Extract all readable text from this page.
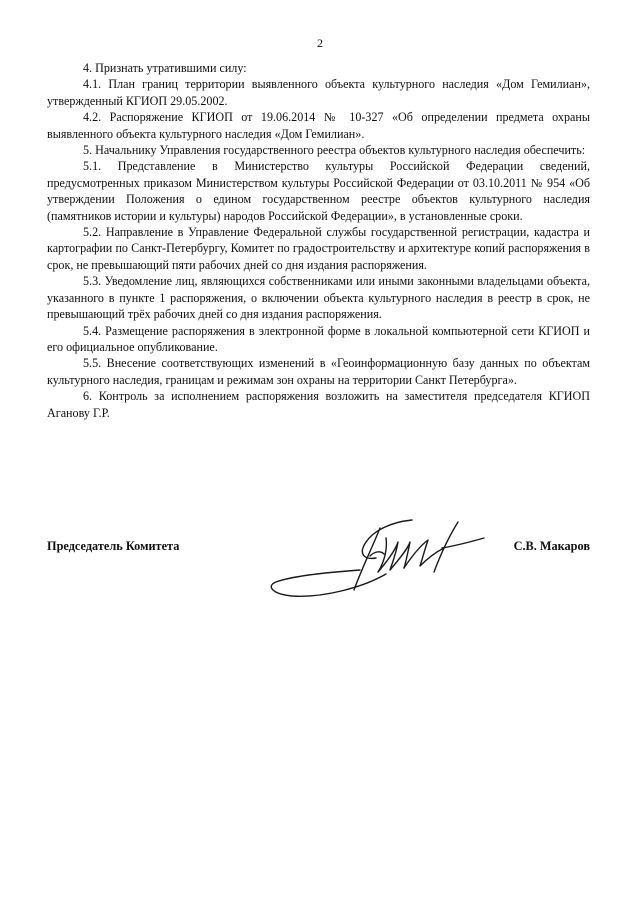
2

4. Признать утратившими силу:

4.1. План границ территории выявленного объекта культурного наследия «Дом Гемилиан», утвержденный КГИОП 29.05.2002.

4.2. Распоряжение КГИОП от 19.06.2014 № 10-327 «Об определении предмета охраны выявленного объекта культурного наследия «Дом Гемилиан».

5. Начальнику Управления государственного реестра объектов культурного наследия обеспечить:

5.1. Представление в Министерство культуры Российской Федерации сведений, предусмотренных приказом Министерством культуры Российской Федерации от 03.10.2011 № 954 «Об утверждении Положения о едином государственном реестре объектов культурного наследия (памятников истории и культуры) народов Российской Федерации», в установленные сроки.

5.2. Направление в Управление Федеральной службы государственной регистрации, кадастра и картографии по Санкт-Петербургу, Комитет по градостроительству и архитектуре копий распоряжения в срок, не превышающий пяти рабочих дней со дня издания распоряжения.

5.3. Уведомление лиц, являющихся собственниками или иными законными владельцами объекта, указанного в пункте 1 распоряжения, о включении объекта культурного наследия в реестр в срок, не превышающий трёх рабочих дней со дня издания распоряжения.

5.4. Размещение распоряжения в электронной форме в локальной компьютерной сети КГИОП и его официальное опубликование.

5.5. Внесение соответствующих изменений в «Геоинформационную базу данных по объектам культурного наследия, границам и режимам зон охраны на территории Санкт Петербурга».

6. Контроль за исполнением распоряжения возложить на заместителя председателя КГИОП Аганову Г.Р.

Председатель Комитета	С.В. Макаров
